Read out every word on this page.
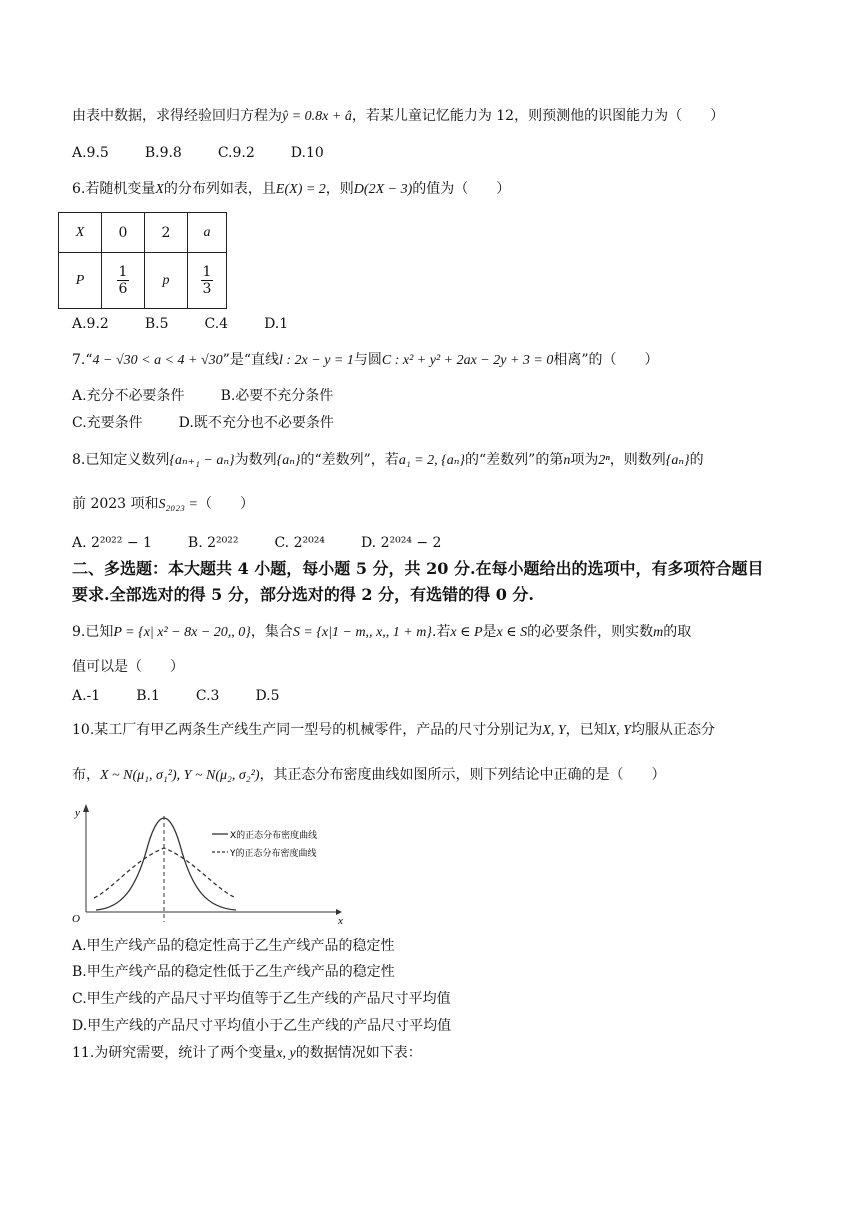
由表中数据，求得经验回归方程为ŷ = 0.8x + â，若某儿童记忆能力为 12，则预测他的识图能力为（　　）
A.9.5	B.9.8	C.9.2	D.10
6.若随机变量X的分布列如表，且E(X) = 2，则D(2X − 3)的值为（　　）
X	0	2	a
P	$\frac{1}{6}$	p	$\frac{1}{3}$
A.9.2	B.5	C.4	D.1
7.“4 − √30 < a < 4 + √30”是“直线l : 2x − y = 1与圆C : x² + y² + 2ax − 2y + 3 = 0相离”的（　　）
A.充分不必要条件	B.必要不充分条件
C.充要条件	D.既不充分也不必要条件
8.已知定义数列{aₙ₊₁ − aₙ}为数列{aₙ}的“差数列”，若a₁ = 2, {aₙ}的“差数列”的第n项为2ⁿ，则数列{aₙ}的
前 2023 项和S₂₀₂₃ =（　　）
A. 2²⁰²² − 1	B. 2²⁰²²	C. 2²⁰²⁴	D. 2²⁰²⁴ − 2
二、多选题：本大题共 4 小题，每小题 5 分，共 20 分.在每小题给出的选项中，有多项符合题目
要求.全部选对的得 5 分，部分选对的得 2 分，有选错的得 0 分.
9.已知P = {x| x² − 8x − 20,, 0}，集合S = {x|1 − m,, x,, 1 + m}.若x ∈ P是x ∈ S的必要条件，则实数m的取
值可以是（　　）
A.-1	B.1	C.3	D.5
10.某工厂有甲乙两条生产线生产同一型号的机械零件，产品的尺寸分别记为X, Y，已知X, Y均服从正态分
布，X ~ N(μ₁, σ₁²), Y ~ N(μ₂, σ₂²)，其正态分布密度曲线如图所示，则下列结论中正确的是（　　）
y
x
O
X的正态分布密度曲线
Y的正态分布密度曲线
A.甲生产线产品的稳定性高于乙生产线产品的稳定性
B.甲生产线产品的稳定性低于乙生产线产品的稳定性
C.甲生产线的产品尺寸平均值等于乙生产线的产品尺寸平均值
D.甲生产线的产品尺寸平均值小于乙生产线的产品尺寸平均值
11.为研究需要，统计了两个变量x, y的数据情况如下表：
